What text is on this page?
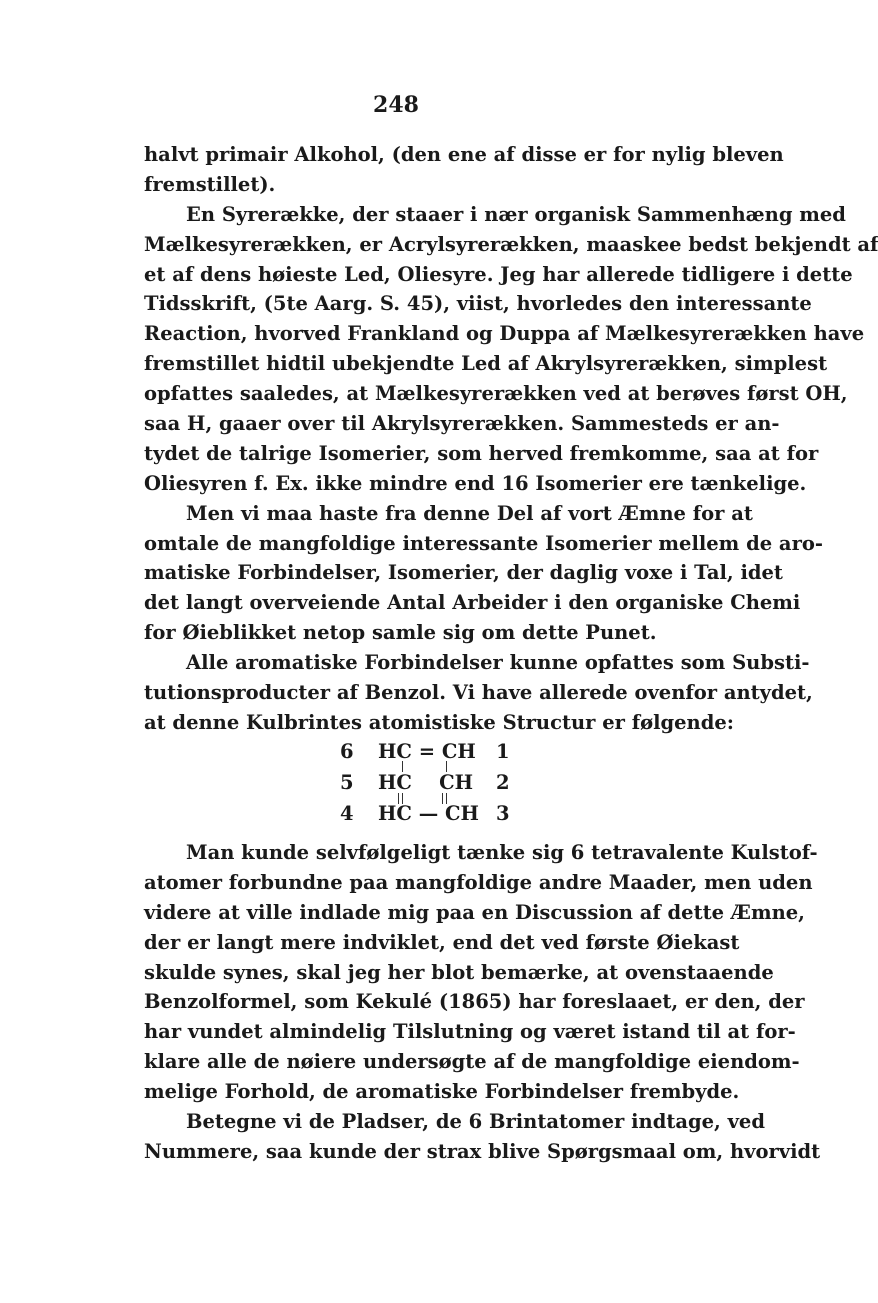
248
halvt primair Alkohol, (den ene af disse er for nylig bleven
fremstillet).
En Syrerække, der staaer i nær organisk Sammenhæng med
Mælkesyrerækken, er Acrylsyrerækken, maaskee bedst bekjendt af
et af dens høieste Led, Oliesyre. Jeg har allerede tidligere i dette
Tidsskrift, (5te Aarg. S. 45), viist, hvorledes den interessante
Reaction, hvorved Frankland og Duppa af Mælkesyrerækken have
fremstillet hidtil ubekjendte Led af Akrylsyrerækken, simplest
opfattes saaledes, at Mælkesyrerækken ved at berøves først OH,
saa H, gaaer over til Akrylsyrerækken. Sammesteds er an-
tydet de talrige Isomerier, som herved fremkomme, saa at for
Oliesyren f. Ex. ikke mindre end 16 Isomerier ere tænkelige.
Men vi maa haste fra denne Del af vort Æmne for at
omtale de mangfoldige interessante Isomerier mellem de aro-
matiske Forbindelser, Isomerier, der daglig voxe i Tal, idet
det langt overveiende Antal Arbeider i den organiske Chemi
for Øieblikket netop samle sig om dette Punet.
Alle aromatiske Forbindelser kunne opfattes som Substi-
tutionsproducter af Benzol. Vi have allerede ovenfor antydet,
at denne Kulbrintes atomistiske Structur er følgende:
6	HC = CH	1
5	HC    CH	2
4	HC — CH 3
Man kunde selvfølgeligt tænke sig 6 tetravalente Kulstof-
atomer forbundne paa mangfoldige andre Maader, men uden
videre at ville indlade mig paa en Discussion af dette Æmne,
der er langt mere indviklet, end det ved første Øiekast
skulde synes, skal jeg her blot bemærke, at ovenstaaende
Benzolformel, som Kekulé (1865) har foreslaaet, er den, der
har vundet almindelig Tilslutning og været istand til at for-
klare alle de nøiere undersøgte af de mangfoldige eiendom-
melige Forhold, de aromatiske Forbindelser frembyde.
Betegne vi de Pladser, de 6 Brintatomer indtage, ved
Nummere, saa kunde der strax blive Spørgsmaal om, hvorvidt
